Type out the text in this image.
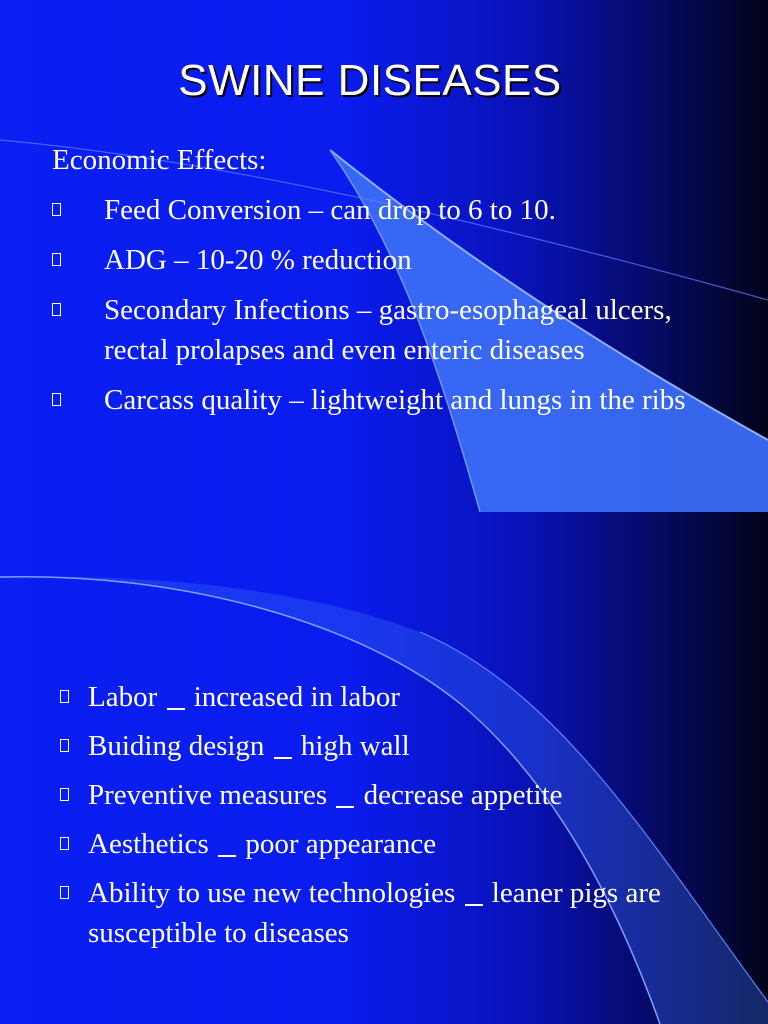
SWINE DISEASES
Economic Effects:
Feed Conversion – can drop to 6 to 10.
ADG – 10-20 % reduction
Secondary Infections – gastro-esophageal ulcers, rectal prolapses and even enteric diseases
Carcass quality – lightweight and lungs in the ribs
Labor increased in labor
Buiding design high wall
Preventive measures decrease appetite
Aesthetics poor appearance
Ability to use new technologies leaner pigs are susceptible to diseases
